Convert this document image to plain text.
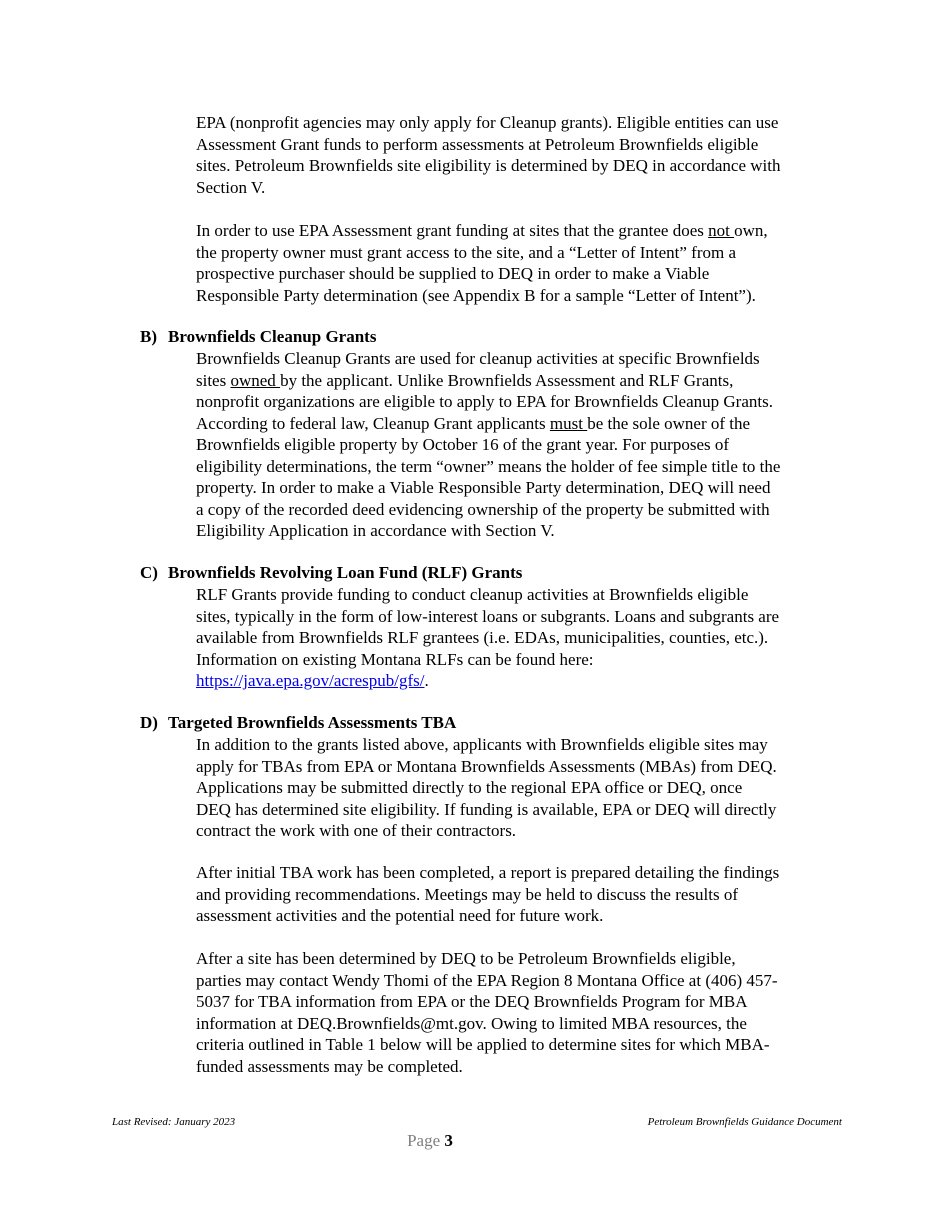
EPA (nonprofit agencies may only apply for Cleanup grants). Eligible entities can use

Assessment Grant funds to perform assessments at Petroleum Brownfields eligible

sites. Petroleum Brownfields site eligibility is determined by DEQ in accordance with

Section V.

In order to use EPA Assessment grant funding at sites that the grantee does not own,

the property owner must grant access to the site, and a “Letter of Intent” from a

prospective purchaser should be supplied to DEQ in order to make a Viable

Responsible Party determination (see Appendix B for a sample “Letter of Intent”).

B) Brownfields Cleanup Grants

Brownfields Cleanup Grants are used for cleanup activities at specific Brownfields

sites owned by the applicant. Unlike Brownfields Assessment and RLF Grants,

nonprofit organizations are eligible to apply to EPA for Brownfields Cleanup Grants.

According to federal law, Cleanup Grant applicants must be the sole owner of the

Brownfields eligible property by October 16 of the grant year. For purposes of

eligibility determinations, the term “owner” means the holder of fee simple title to the

property. In order to make a Viable Responsible Party determination, DEQ will need

a copy of the recorded deed evidencing ownership of the property be submitted with

Eligibility Application in accordance with Section V.

C) Brownfields Revolving Loan Fund (RLF) Grants

RLF Grants provide funding to conduct cleanup activities at Brownfields eligible

sites, typically in the form of low-interest loans or subgrants. Loans and subgrants are

available from Brownfields RLF grantees (i.e. EDAs, municipalities, counties, etc.).

Information on existing Montana RLFs can be found here:

https://java.epa.gov/acrespub/gfs/.

D) Targeted Brownfields Assessments TBA

In addition to the grants listed above, applicants with Brownfields eligible sites may

apply for TBAs from EPA or Montana Brownfields Assessments (MBAs) from DEQ.

Applications may be submitted directly to the regional EPA office or DEQ, once

DEQ has determined site eligibility. If funding is available, EPA or DEQ will directly

contract the work with one of their contractors.

After initial TBA work has been completed, a report is prepared detailing the findings

and providing recommendations. Meetings may be held to discuss the results of

assessment activities and the potential need for future work.

After a site has been determined by DEQ to be Petroleum Brownfields eligible,

parties may contact Wendy Thomi of the EPA Region 8 Montana Office at (406) 457-

5037 for TBA information from EPA or the DEQ Brownfields Program for MBA

information at DEQ.Brownfields@mt.gov. Owing to limited MBA resources, the

criteria outlined in Table 1 below will be applied to determine sites for which MBA-

funded assessments may be completed.

Last Revised: January 2023	Petroleum Brownfields Guidance Document
Page 3
